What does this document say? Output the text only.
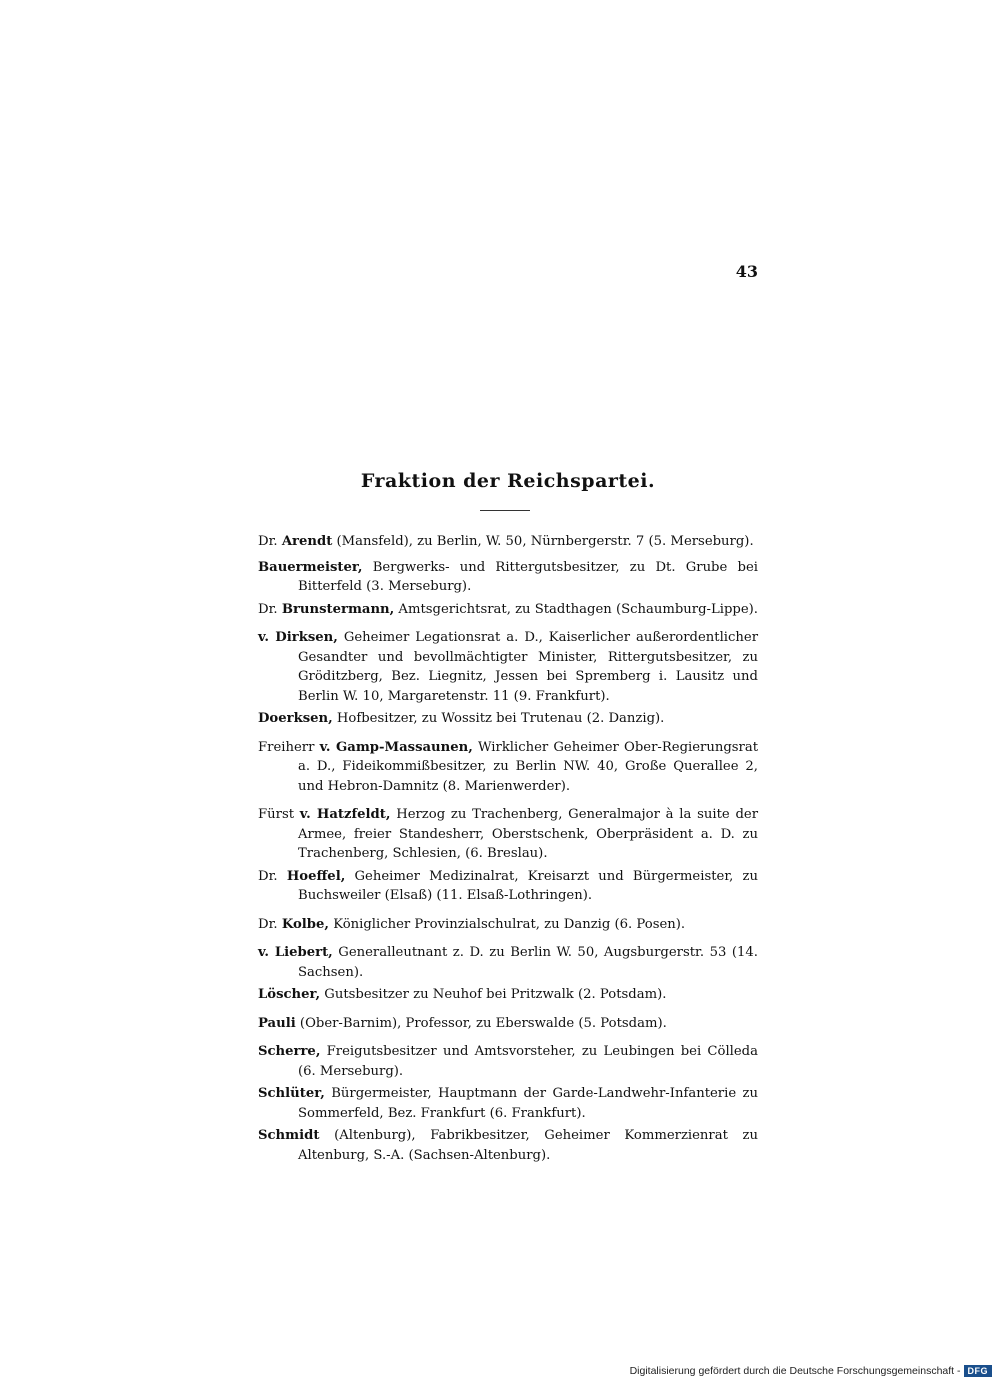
43
Fraktion der Reichspartei.
Dr. Arendt (Mansfeld), zu Berlin, W. 50, Nürnbergerstr. 7 (5. Merseburg).
Bauermeister, Bergwerks- und Rittergutsbesitzer, zu Dt. Grube bei Bitterfeld (3. Merseburg).
Dr. Brunstermann, Amtsgerichtsrat, zu Stadthagen (Schaumburg-Lippe).
v. Dirksen, Geheimer Legationsrat a. D., Kaiserlicher außerordentlicher Gesandter und bevollmächtigter Minister, Rittergutsbesitzer, zu Gröditzberg, Bez. Liegnitz, Jessen bei Spremberg i. Lausitz und Berlin W. 10, Margaretenstr. 11 (9. Frankfurt).
Doerksen, Hofbesitzer, zu Wossitz bei Trutenau (2. Danzig).
Freiherr v. Gamp-Massaunen, Wirklicher Geheimer Ober-Regierungsrat a. D., Fideikommißbesitzer, zu Berlin NW. 40, Große Querallee 2, und Hebron-Damnitz (8. Marienwerder).
Fürst v. Hatzfeldt, Herzog zu Trachenberg, Generalmajor à la suite der Armee, freier Standesherr, Oberstschenk, Oberpräsident a. D. zu Trachenberg, Schlesien, (6. Breslau).
Dr. Hoeffel, Geheimer Medizinalrat, Kreisarzt und Bürgermeister, zu Buchsweiler (Elsaß) (11. Elsaß-Lothringen).
Dr. Kolbe, Königlicher Provinzialschulrat, zu Danzig (6. Posen).
v. Liebert, Generalleutnant z. D. zu Berlin W. 50, Augsburgerstr. 53 (14. Sachsen).
Löscher, Gutsbesitzer zu Neuhof bei Pritzwalk (2. Potsdam).
Pauli (Ober-Barnim), Professor, zu Eberswalde (5. Potsdam).
Scherre, Freigutsbesitzer und Amtsvorsteher, zu Leubingen bei Cölleda (6. Merseburg).
Schlüter, Bürgermeister, Hauptmann der Garde-Landwehr-Infanterie zu Sommerfeld, Bez. Frankfurt (6. Frankfurt).
Schmidt (Altenburg), Fabrikbesitzer, Geheimer Kommerzienrat zu Altenburg, S.-A. (Sachsen-Altenburg).
Digitalisierung gefördert durch die Deutsche Forschungsgemeinschaft - DFG
